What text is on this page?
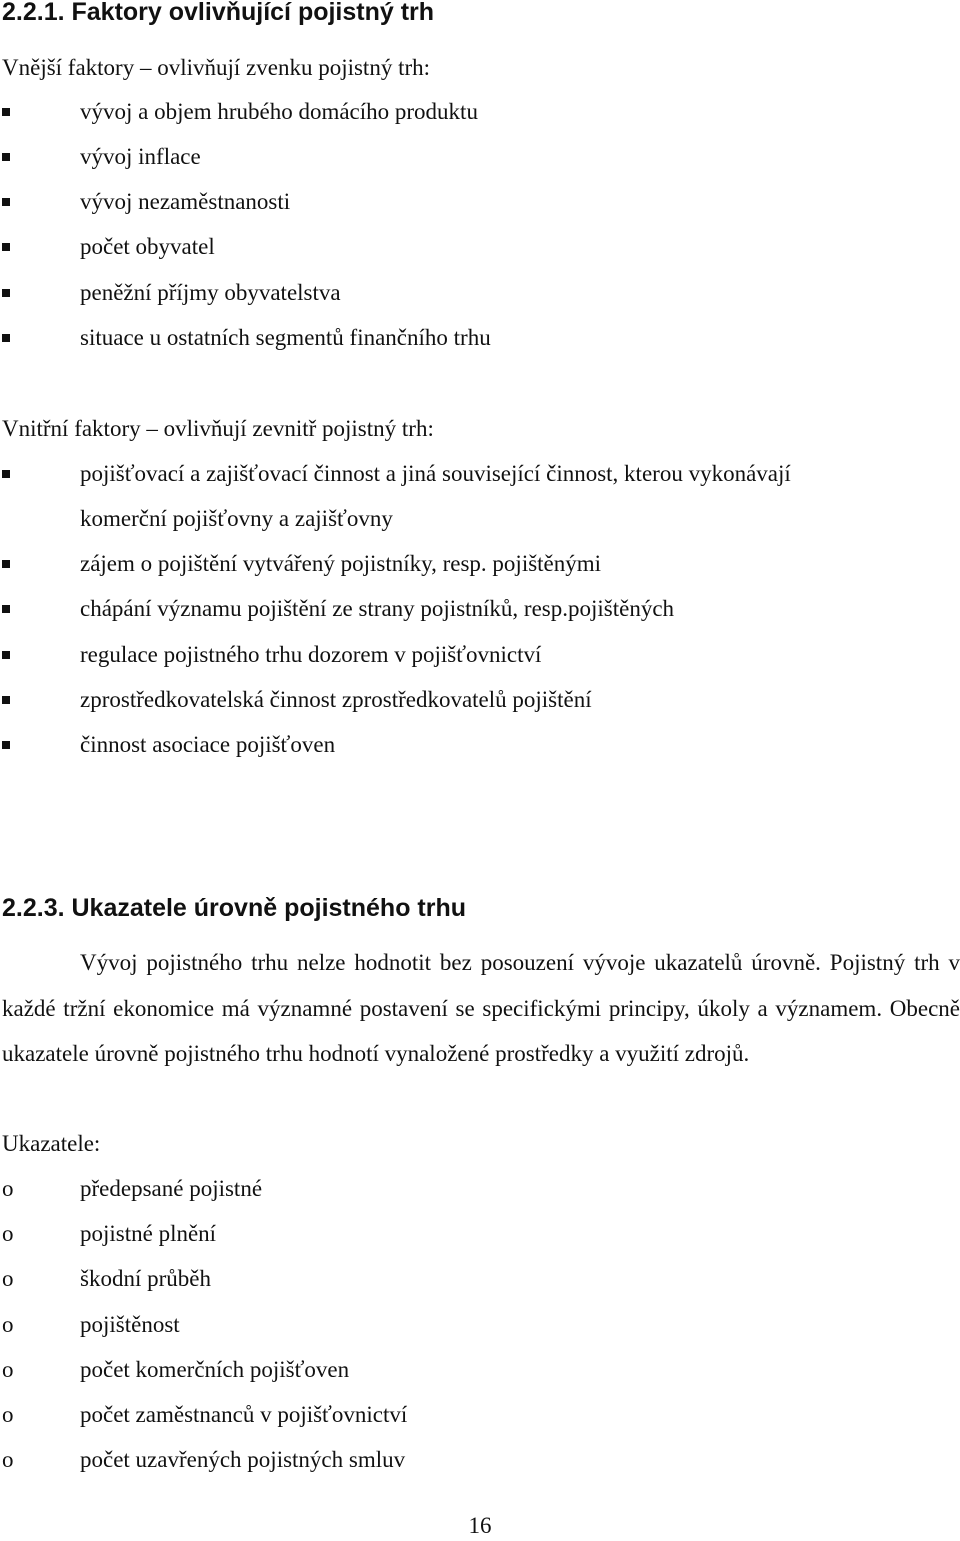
2.2.1. Faktory ovlivňující pojistný trh
Vnější faktory – ovlivňují zvenku pojistný trh:
vývoj a objem hrubého domácího produktu
vývoj inflace
vývoj nezaměstnanosti
počet obyvatel
peněžní příjmy obyvatelstva
situace u ostatních segmentů finančního trhu
Vnitřní faktory – ovlivňují zevnitř pojistný trh:
pojišťovací a zajišťovací činnost a jiná související činnost, kterou vykonávají
komerční pojišťovny a zajišťovny
zájem o pojištění vytvářený pojistníky, resp. pojištěnými
chápání významu pojištění ze strany pojistníků, resp.pojištěných
regulace pojistného trhu dozorem v pojišťovnictví
zprostředkovatelská činnost zprostředkovatelů pojištění
činnost asociace pojišťoven
2.2.3. Ukazatele úrovně pojistného trhu
Vývoj pojistného trhu nelze hodnotit bez posouzení vývoje ukazatelů úrovně. Pojistný trh v každé tržní ekonomice má významné postavení se specifickými principy, úkoly a významem. Obecně ukazatele úrovně pojistného trhu hodnotí vynaložené prostředky a využití zdrojů.
Ukazatele:
o	předepsané pojistné
o	pojistné plnění
o	škodní průběh
o	pojištěnost
o	počet komerčních pojišťoven
o	počet zaměstnanců v pojišťovnictví
o	počet uzavřených pojistných smluv
16
